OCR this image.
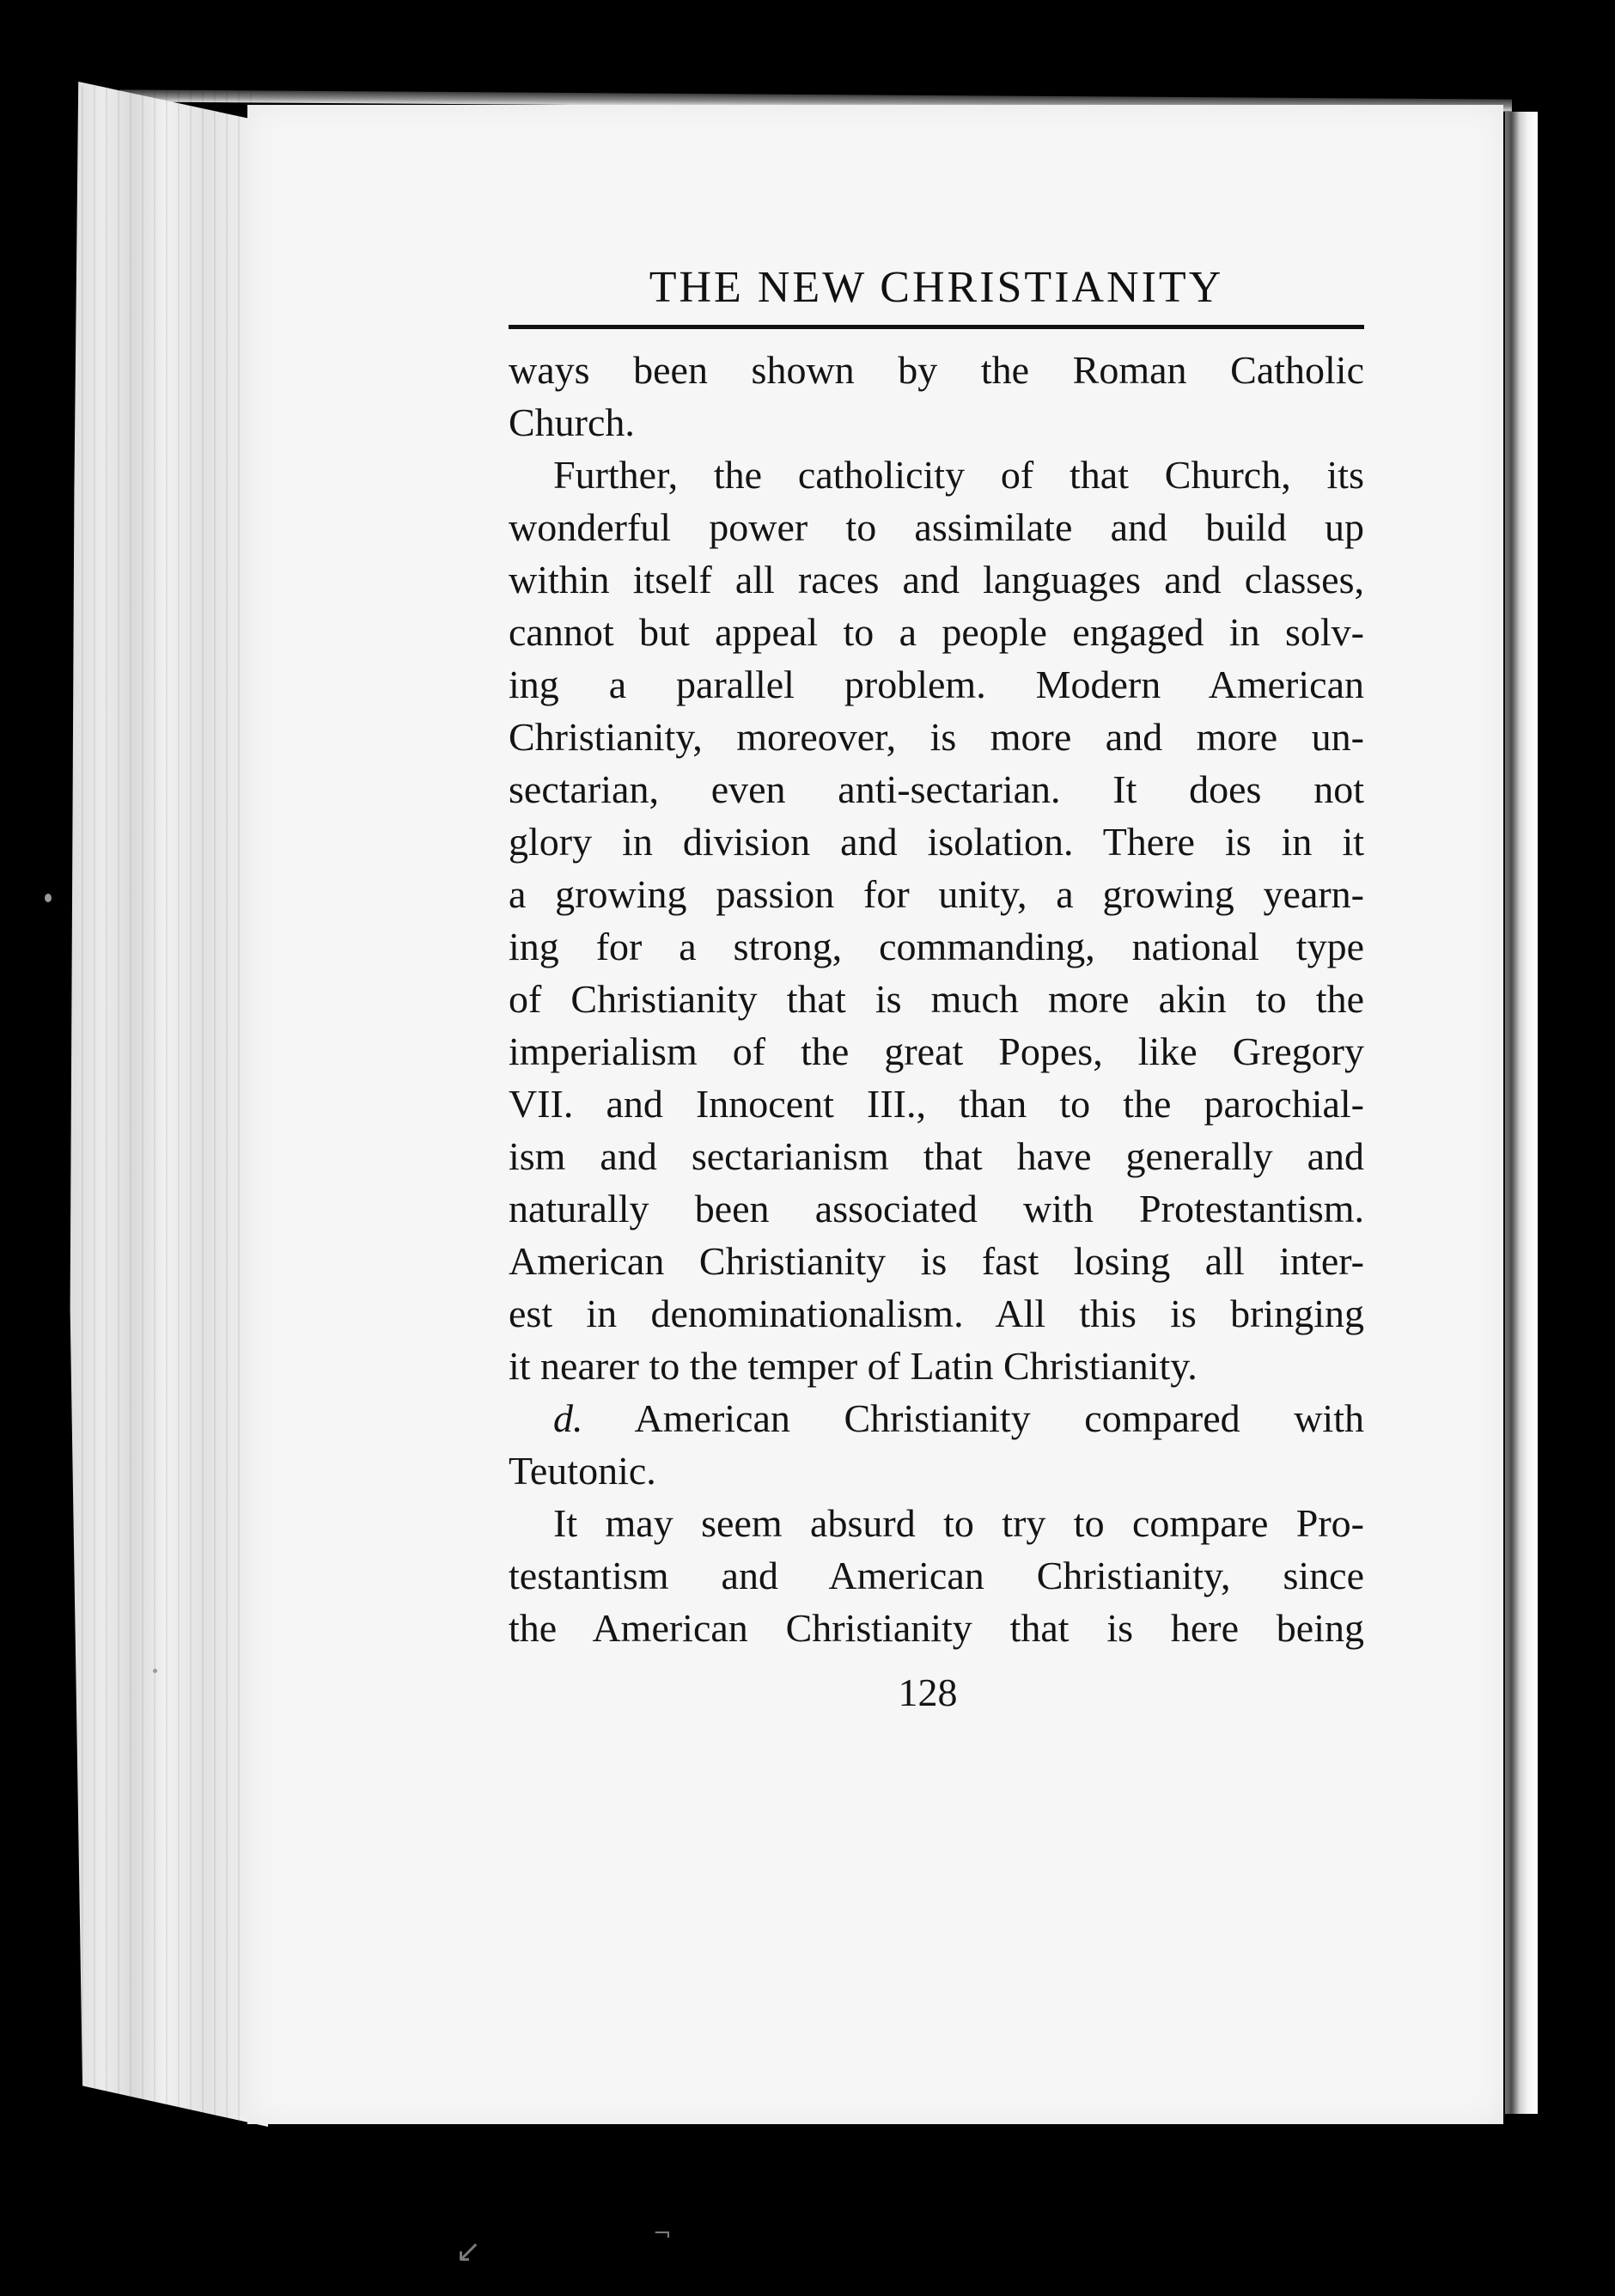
↙	¬
THE NEW CHRISTIANITY
ways been shown by the Roman Catholic
Church.
Further, the catholicity of that Church, its
wonderful power to assimilate and build up
within itself all races and languages and classes,
cannot but appeal to a people engaged in solv-
ing a parallel problem. Modern American
Christianity, moreover, is more and more un-
sectarian, even anti-sectarian. It does not
glory in division and isolation. There is in it
a growing passion for unity, a growing yearn-
ing for a strong, commanding, national type
of Christianity that is much more akin to the
imperialism of the great Popes, like Gregory
VII. and Innocent III., than to the parochial-
ism and sectarianism that have generally and
naturally been associated with Protestantism.
American Christianity is fast losing all inter-
est in denominationalism. All this is bringing
it nearer to the temper of Latin Christianity.
d. American Christianity compared with
Teutonic.
It may seem absurd to try to compare Pro-
testantism and American Christianity, since
the American Christianity that is here being
128
